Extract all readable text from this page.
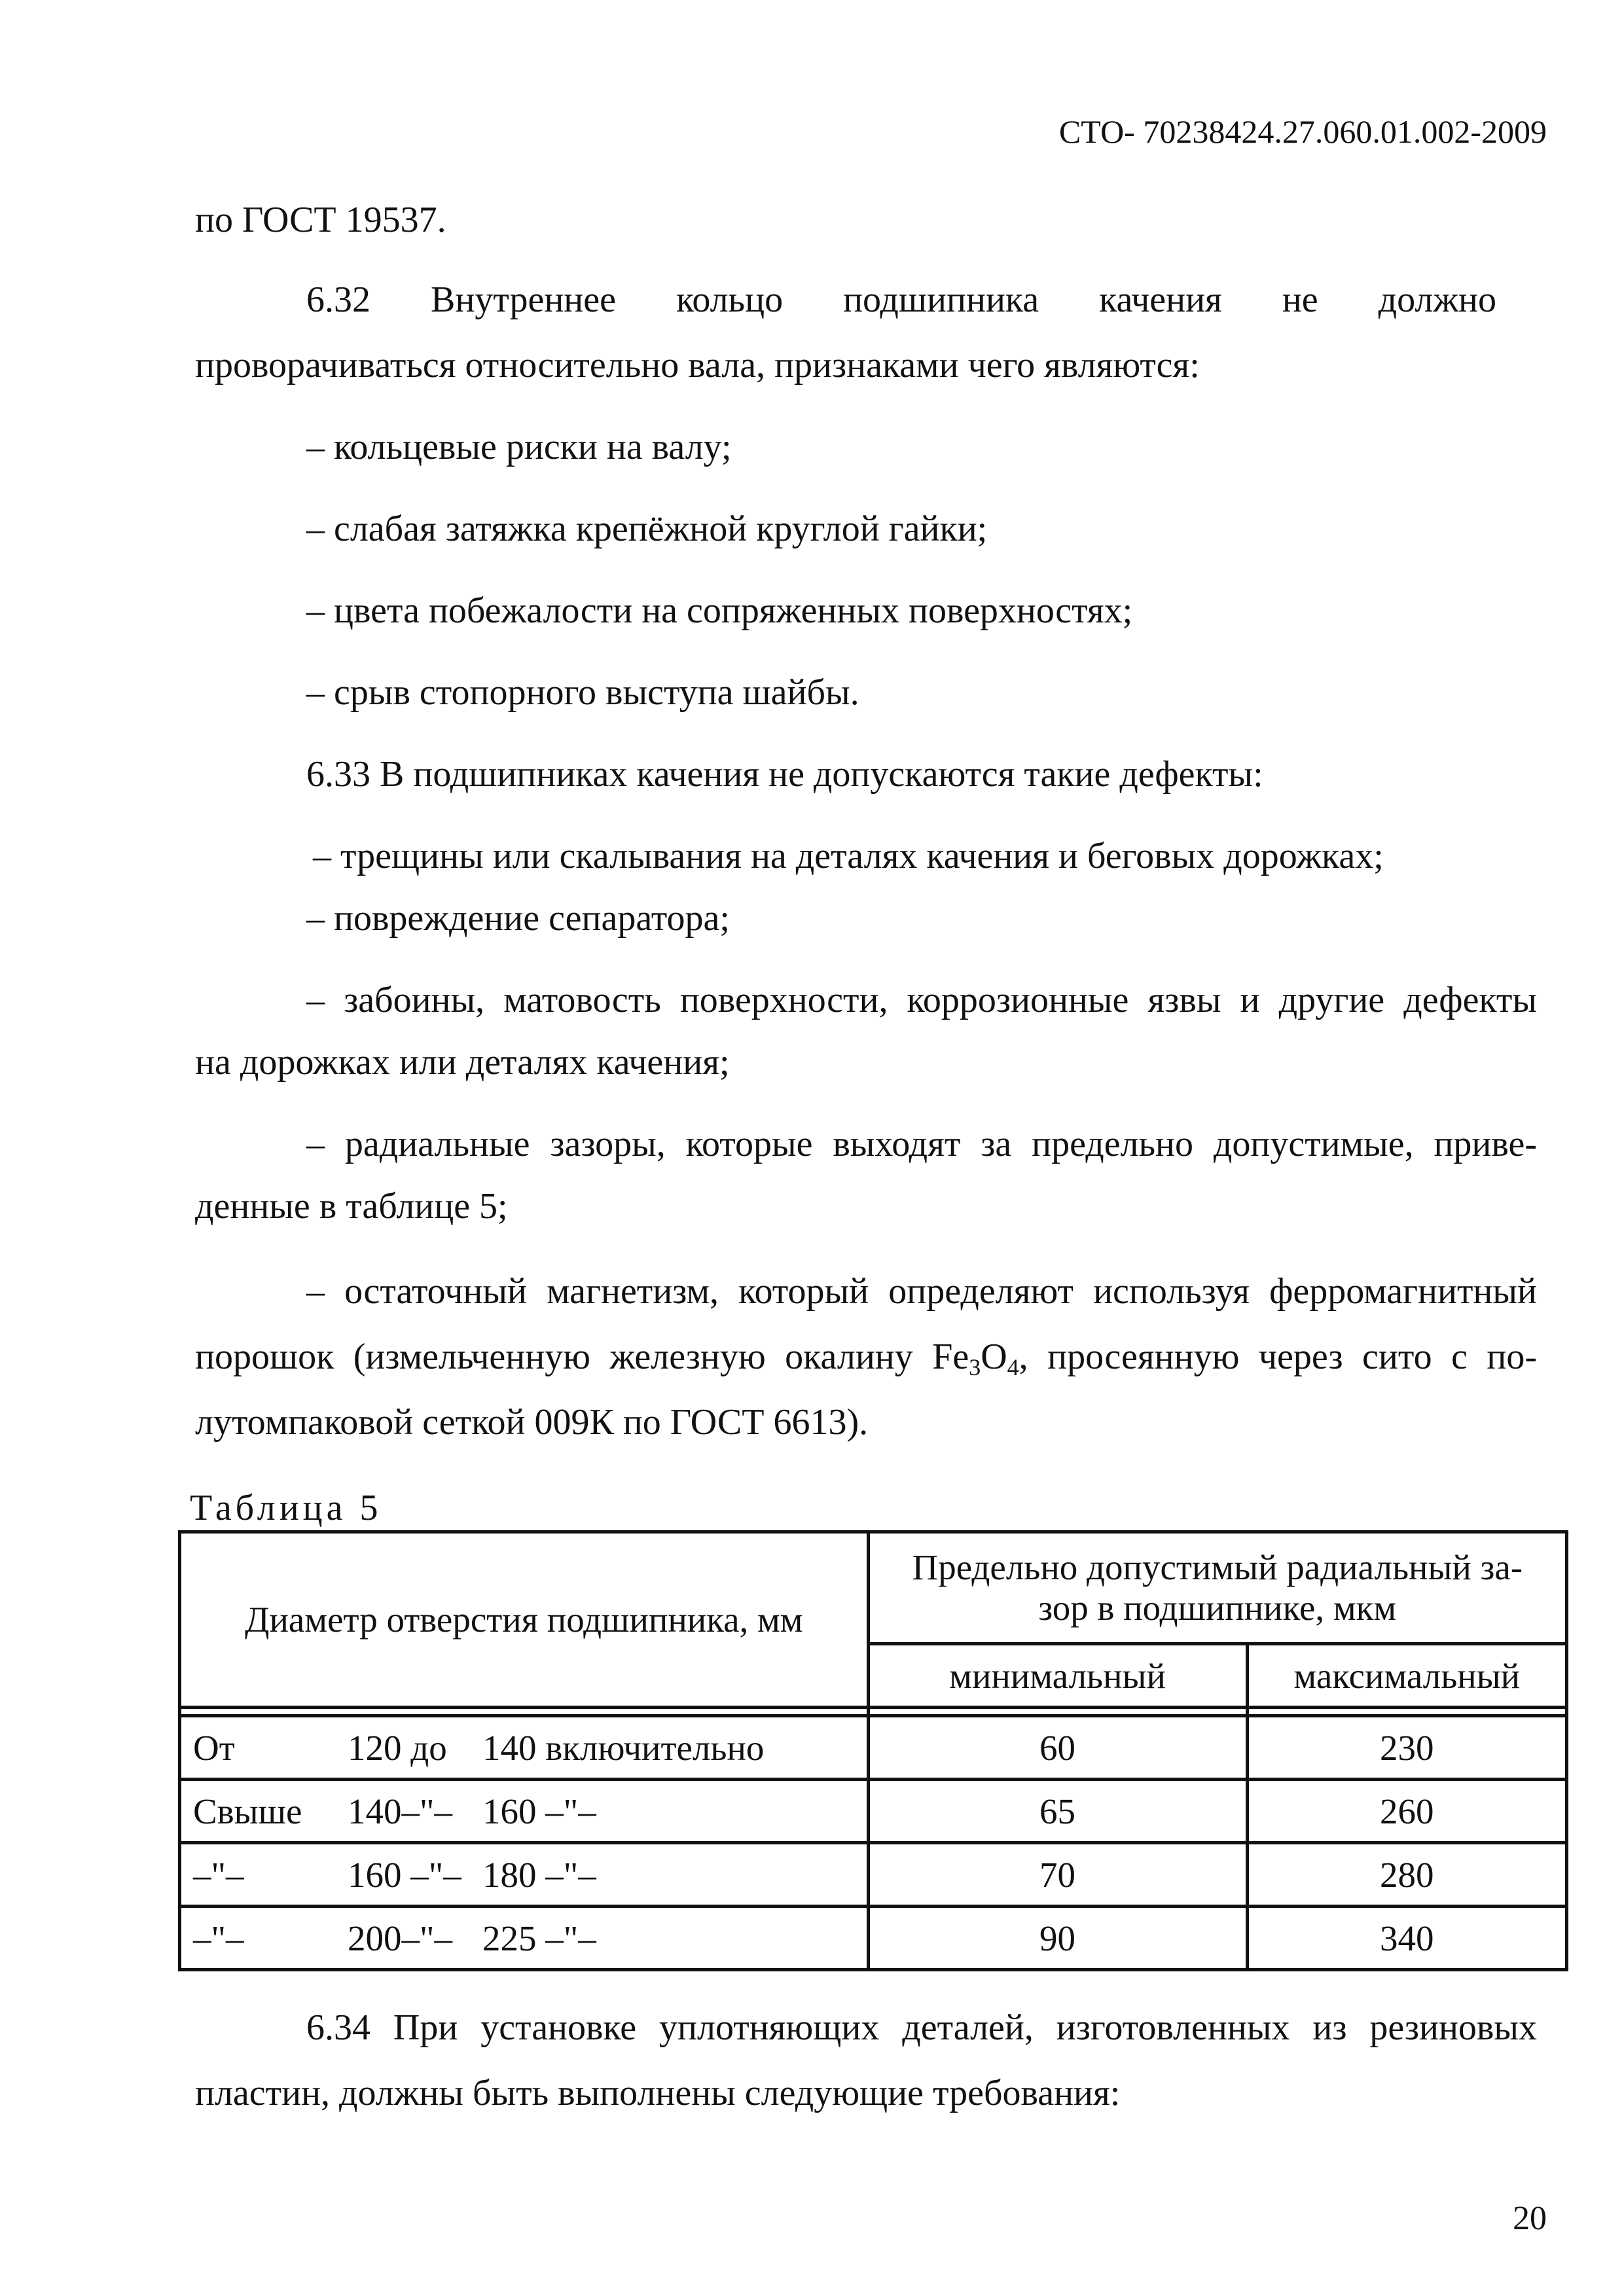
СТО- 70238424.27.060.01.002-2009
по ГОСТ 19537.
6.32 Внутреннее кольцо подшипника качения не должно
проворачиваться относительно вала, признаками чего являются:
– кольцевые риски на валу;
– слабая затяжка крепёжной круглой гайки;
– цвета побежалости на сопряженных поверхностях;
– срыв стопорного выступа шайбы.
6.33 В подшипниках качения не допускаются такие дефекты:
– трещины или скалывания на деталях качения и беговых дорожках;
– повреждение сепаратора;
– забоины, матовость поверхности, коррозионные язвы и другие дефекты
на дорожках или деталях качения;
– радиальные зазоры, которые выходят за предельно допустимые, приве-
денные в таблице 5;
– остаточный магнетизм, который определяют используя ферромагнитный
порошок (измельченную железную окалину $Fe_3O_4$, просеянную через сито с по-
лутомпаковой сеткой 009К по ГОСТ 6613).
Таблица 5
Диаметр отверстия подшипника, мм	Предельно допустимый радиальный за-
зор в подшипнике, мкм	

	минимальный	максимальный

От 120 до 140 включительно	60	230
Свыше 140–"– 160 –"–	65	260
–"– 160 –"– 180 –"–	70	280
–"– 200–"– 225 –"–	90	340
6.34 При установке уплотняющих деталей, изготовленных из резиновых
пластин, должны быть выполнены следующие требования:
20
